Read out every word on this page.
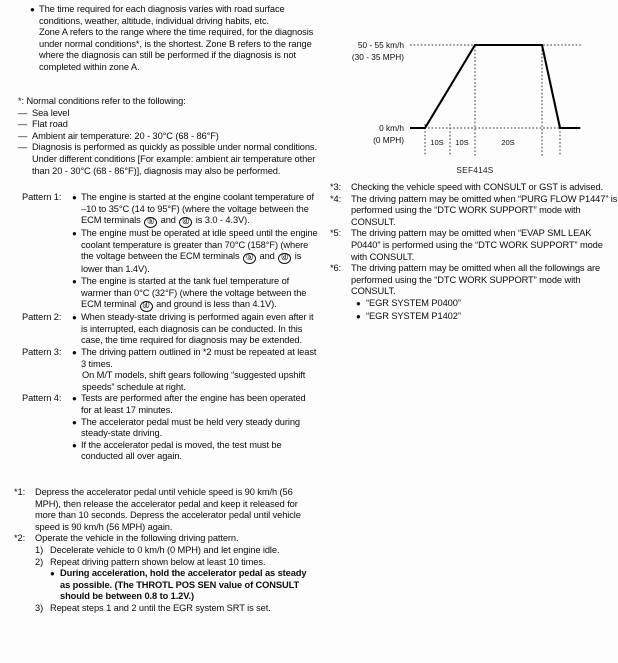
● The time required for each diagnosis varies with road surface conditions, weather, altitude, individual driving habits, etc.
Zone A refers to the range where the time required, for the diagnosis under normal conditions*, is the shortest. Zone B refers to the range where the diagnosis can still be performed if the diagnosis is not completed within zone A.
*: Normal conditions refer to the following:
— Sea level
— Flat road
— Ambient air temperature: 20 - 30°C (68 - 86°F)
— Diagnosis is performed as quickly as possible under normal conditions.
Under different conditions [For example: ambient air temperature other than 20 - 30°C (68 - 86°F)], diagnosis may also be performed.
Pattern 1:	● The engine is started at the engine coolant temperature of –10 to 35°C (14 to 95°F) (where the voltage between the ECM terminals ⓑ and ⓓ is 3.0 - 4.3V).
● The engine must be operated at idle speed until the engine coolant temperature is greater than 70°C (158°F) (where the voltage between the ECM terminals ⓑ and ⓓ is lower than 1.4V).
● The engine is started at the tank fuel temperature of warmer than 0°C (32°F) (where the voltage between the ECM terminal ⓓ and ground is less than 4.1V).
Pattern 2:	● When steady-state driving is performed again even after it is interrupted, each diagnosis can be conducted. In this case, the time required for diagnosis may be extended.
Pattern 3:	● The driving pattern outlined in *2 must be repeated at least 3 times.
On M/T models, shift gears following “suggested upshift speeds” schedule at right.
Pattern 4:	● Tests are performed after the engine has been operated for at least 17 minutes.
● The accelerator pedal must be held very steady during steady-state driving.
● If the accelerator pedal is moved, the test must be conducted all over again.
*1:	Depress the accelerator pedal until vehicle speed is 90 km/h (56 MPH), then release the accelerator pedal and keep it released for more than 10 seconds. Depress the accelerator pedal until vehicle speed is 90 km/h (56 MPH) again.
*2:	Operate the vehicle in the following driving pattern.
1) Decelerate vehicle to 0 km/h (0 MPH) and let engine idle.
2) Repeat driving pattern shown below at least 10 times.
● During acceleration, hold the accelerator pedal as steady as possible. (The THROTL POS SEN value of CONSULT should be between 0.8 to 1.2V.)
3) Repeat steps 1 and 2 until the EGR system SRT is set.
50 - 55 km/h
(30 - 35 MPH)
0 km/h
(0 MPH)	10S 10S	20S
SEF414S
*3:	Checking the vehicle speed with CONSULT or GST is advised.
*4:	The driving pattern may be omitted when “PURG FLOW P1447” is performed using the “DTC WORK SUPPORT” mode with CONSULT.
*5:	The driving pattern may be omitted when “EVAP SML LEAK P0440” is performed using the “DTC WORK SUPPORT” mode with CONSULT.
*6:	The driving pattern may be omitted when all the followings are performed using the “DTC WORK SUPPORT” mode with CONSULT.
● “EGR SYSTEM P0400”
● “EGR SYSTEM P1402”
